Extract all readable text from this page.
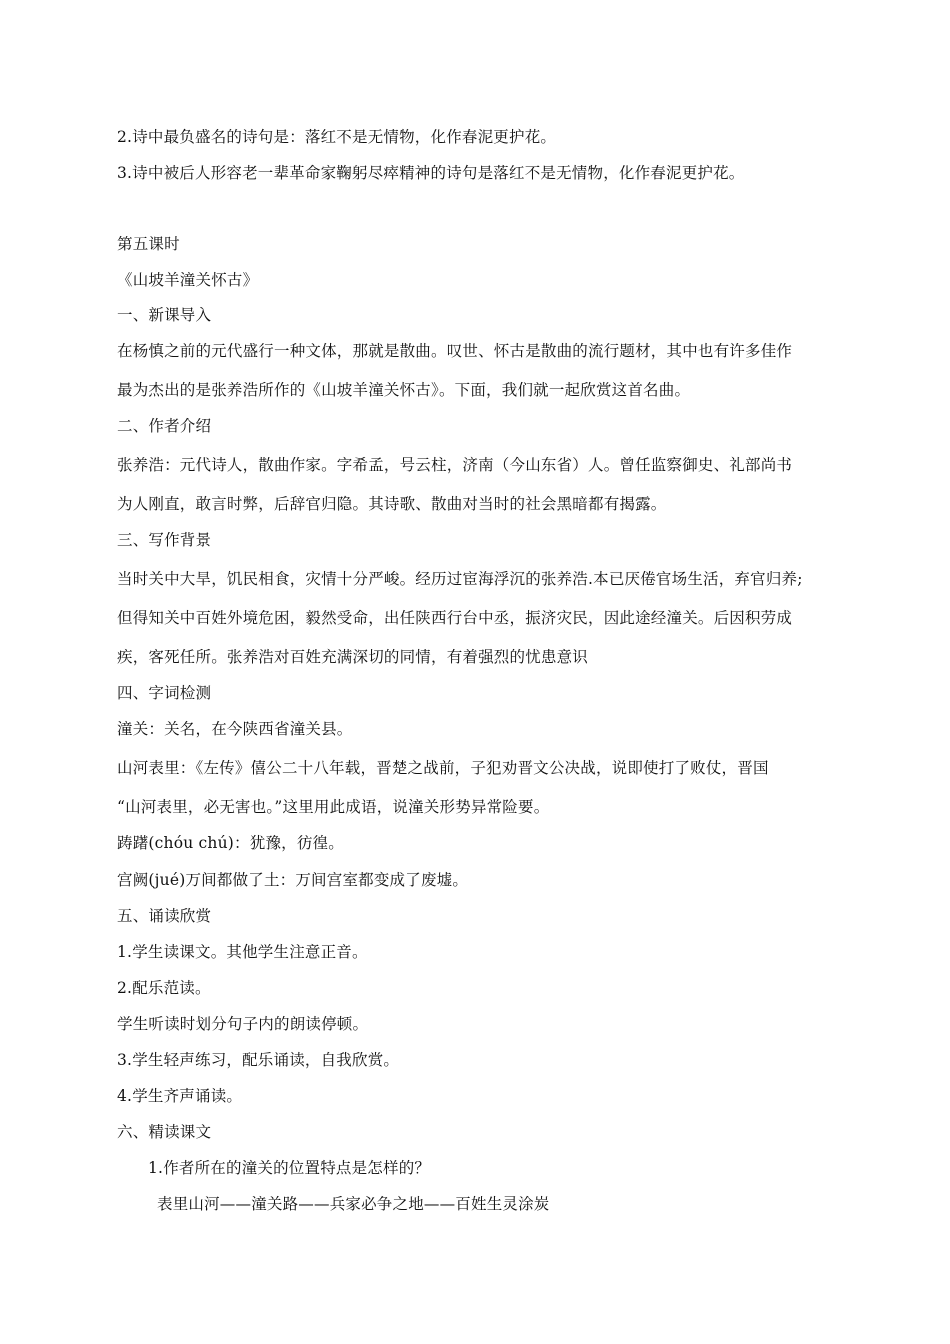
2.诗中最负盛名的诗句是：落红不是无情物，化作春泥更护花。
3.诗中被后人形容老一辈革命家鞠躬尽瘁精神的诗句是落红不是无情物，化作春泥更护花。
第五课时
《山坡羊潼关怀古》
一、新课导入
在杨慎之前的元代盛行一种文体，那就是散曲。叹世、怀古是散曲的流行题材，其中也有许多佳作
最为杰出的是张养浩所作的《山坡羊潼关怀古》。下面，我们就一起欣赏这首名曲。
二、作者介绍
张养浩：元代诗人，散曲作家。字希孟，号云柱，济南（今山东省）人。曾任监察御史、礼部尚书
为人刚直，敢言时弊，后辞官归隐。其诗歌、散曲对当时的社会黑暗都有揭露。
三、写作背景
当时关中大旱，饥民相食，灾情十分严峻。经历过宦海浮沉的张养浩.本已厌倦官场生活，弃官归养;
但得知关中百姓外境危困，毅然受命，出任陕西行台中丞，振济灾民，因此途经潼关。后因积劳成
疾，客死任所。张养浩对百姓充满深切的同情，有着强烈的忧患意识
四、字词检测
潼关：关名，在今陕西省潼关县。
山河表里：《左传》僖公二十八年载，晋楚之战前，子犯劝晋文公决战，说即使打了败仗，晋国
“山河表里，必无害也。”这里用此成语，说潼关形势异常险要。
踌躇(chóu chú)：犹豫，彷徨。
宫阙(jué)万间都做了土：万间宫室都变成了废墟。
五、诵读欣赏
1.学生读课文。其他学生注意正音。
2.配乐范读。
学生听读时划分句子内的朗读停顿。
3.学生轻声练习，配乐诵读，自我欣赏。
4.学生齐声诵读。
六、精读课文
1.作者所在的潼关的位置特点是怎样的？
表里山河——潼关路——兵家必争之地——百姓生灵涂炭
